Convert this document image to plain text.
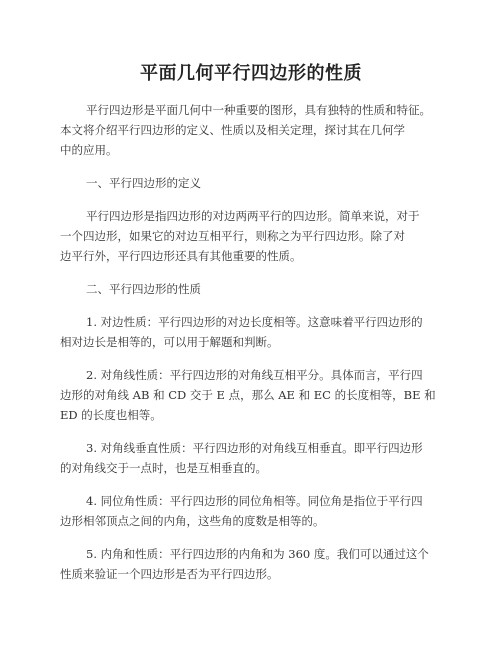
平面几何平行四边形的性质

平行四边形是平面几何中一种重要的图形，具有独特的性质和特征。
本文将介绍平行四边形的定义、性质以及相关定理，探讨其在几何学
中的应用。

一、平行四边形的定义

平行四边形是指四边形的对边两两平行的四边形。简单来说，对于
一个四边形，如果它的对边互相平行，则称之为平行四边形。除了对
边平行外，平行四边形还具有其他重要的性质。

二、平行四边形的性质

1. 对边性质：平行四边形的对边长度相等。这意味着平行四边形的
相对边长是相等的，可以用于解题和判断。

2. 对角线性质：平行四边形的对角线互相平分。具体而言，平行四
边形的对角线 AB 和 CD 交于 E 点，那么 AE 和 EC 的长度相等，BE 和
ED 的长度也相等。

3. 对角线垂直性质：平行四边形的对角线互相垂直。即平行四边形
的对角线交于一点时，也是互相垂直的。

4. 同位角性质：平行四边形的同位角相等。同位角是指位于平行四
边形相邻顶点之间的内角，这些角的度数是相等的。

5. 内角和性质：平行四边形的内角和为 360 度。我们可以通过这个
性质来验证一个四边形是否为平行四边形。
